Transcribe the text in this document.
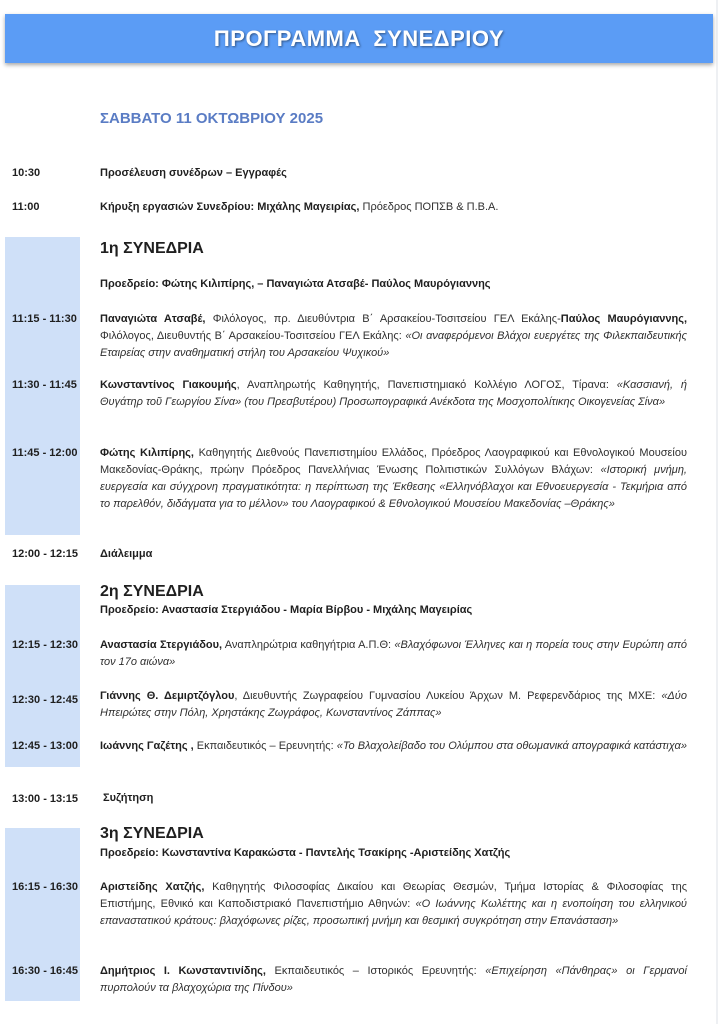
ΠΡΟΓΡΑΜΜΑ ΣΥΝΕΔΡΙΟΥ
ΣΑΒΒΑΤΟ 11 ΟΚΤΩΒΡΙΟΥ 2025
10:30	Προσέλευση συνέδρων – Εγγραφές
11:00	Κήρυξη εργασιών Συνεδρίου: Μιχάλης Μαγειρίας, Πρόεδρος ΠΟΠΣΒ & Π.Β.Α.
1η ΣΥΝΕΔΡΙΑ
Προεδρείο: Φώτης Κιλιπίρης, – Παναγιώτα Ατσαβέ- Παύλος Μαυρόγιαννης
11:15 - 11:30 Παναγιώτα Ατσαβέ, Φιλόλογος, πρ. Διευθύντρια Β΄ Αρσακείου-Τοσιτσείου ΓΕΛ Εκάλης-Παύλος Μαυρόγιαννης, Φιλόλογος, Διευθυντής Β΄ Αρσακείου-Τοσιτσείου ΓΕΛ Εκάλης: «Οι αναφερόμενοι Βλάχοι ευεργέτες της Φιλεκπαιδευτικής Εταιρείας στην αναθηματική στήλη του Αρσακείου Ψυχικού»
11:30 - 11:45 Κωνσταντίνος Γιακουμής, Αναπληρωτής Καθηγητής, Πανεπιστημιακό Κολλέγιο ΛΟΓΟΣ, Τίρανα: «Κασσιανή, ή Θυγάτηρ τοῦ Γεωργίου Σίνα» (του Πρεσβυτέρου) Προσωπογραφικά Ανέκδοτα της Μοσχοπολίτικης Οικογενείας Σίνα»
11:45 - 12:00 Φώτης Κιλιπίρης, Καθηγητής Διεθνούς Πανεπιστημίου Ελλάδος, Πρόεδρος Λαογραφικού και Εθνολογικού Μουσείου Μακεδονίας-Θράκης, πρώην Πρόεδρος Πανελλήνιας Ένωσης Πολιτιστικών Συλλόγων Βλάχων: «Ιστορική μνήμη, ευεργεσία και σύγχρονη πραγματικότητα: η περίπτωση της Έκθεσης «Ελληνόβλαχοι και Εθνοευεργεσία - Τεκμήρια από το παρελθόν, διδάγματα για το μέλλον» του Λαογραφικού & Εθνολογικού Μουσείου Μακεδονίας –Θράκης»
12:00 - 12:15 Διάλειμμα
2η ΣΥΝΕΔΡΙΑ
Προεδρείο: Αναστασία Στεργιάδου - Μαρία Βίρβου - Μιχάλης Μαγειρίας
12:15 - 12:30 Αναστασία Στεργιάδου, Αναπληρώτρια καθηγήτρια Α.Π.Θ: «Βλαχόφωνοι Έλληνες και η πορεία τους στην Ευρώπη από τον 17ο αιώνα»
12:30 - 12:45 Γιάννης Θ. Δεμιρτζόγλου, Διευθυντής Ζωγραφείου Γυμνασίου Λυκείου Άρχων Μ. Ρεφερενδάριος της ΜΧΕ: «Δύο Ηπειρώτες στην Πόλη, Χρηστάκης Ζωγράφος, Κωνσταντίνος Ζάππας»
12:45 - 13:00 Ιωάννης Γαζέτης , Εκπαιδευτικός – Ερευνητής: «Το Βλαχολείβαδο του Ολύμπου στα οθωμανικά απογραφικά κατάστιχα»
13:00 - 13:15 Συζήτηση
3η ΣΥΝΕΔΡΙΑ
Προεδρείο: Κωνσταντίνα Καρακώστα - Παντελής Τσακίρης -Αριστείδης Χατζής
16:15 - 16:30 Αριστείδης Χατζής, Καθηγητής Φιλοσοφίας Δικαίου και Θεωρίας Θεσμών, Τμήμα Ιστορίας & Φιλοσοφίας της Επιστήμης, Εθνικό και Καποδιστριακό Πανεπιστήμιο Αθηνών: «Ο Ιωάννης Κωλέττης και η ενοποίηση του ελληνικού επαναστατικού κράτους: βλαχόφωνες ρίζες, προσωπική μνήμη και θεσμική συγκρότηση στην Επανάσταση»
16:30 - 16:45 Δημήτριος Ι. Κωνσταντινίδης, Εκπαιδευτικός – Ιστορικός Ερευνητής: «Επιχείρηση «Πάνθηρας» οι Γερμανοί πυρπολούν τα βλαχοχώρια της Πίνδου»
